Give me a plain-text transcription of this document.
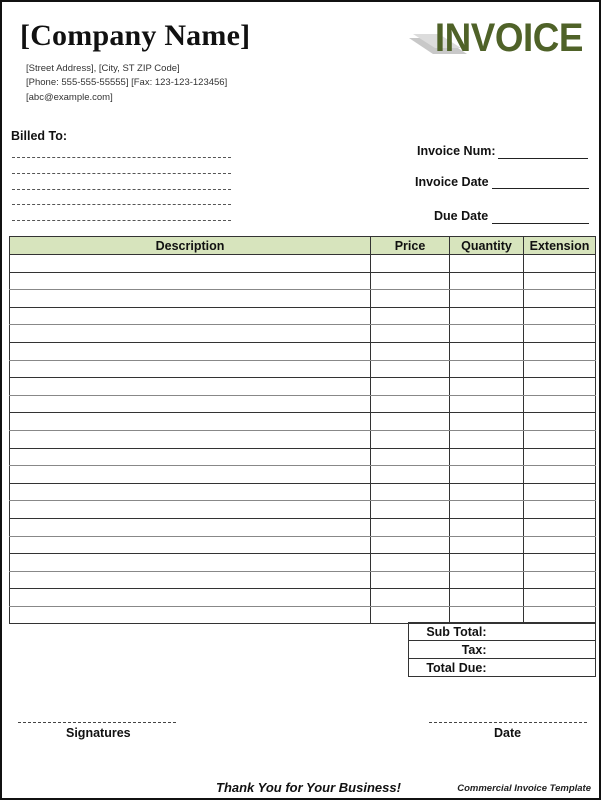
[Company Name]
[Street Address], [City, ST ZIP Code]
[Phone: 555-555-55555] [Fax: 123-123-123456]
[abc@example.com]
INVOICE
Billed To:
Invoice Num:
Invoice Date
Due Date
Description	Price	Quantity	Extension

Sub Total:	
Tax:	
Total Due:	
Signatures	Date
Thank You for Your Business!	Commercial Invoice Template
